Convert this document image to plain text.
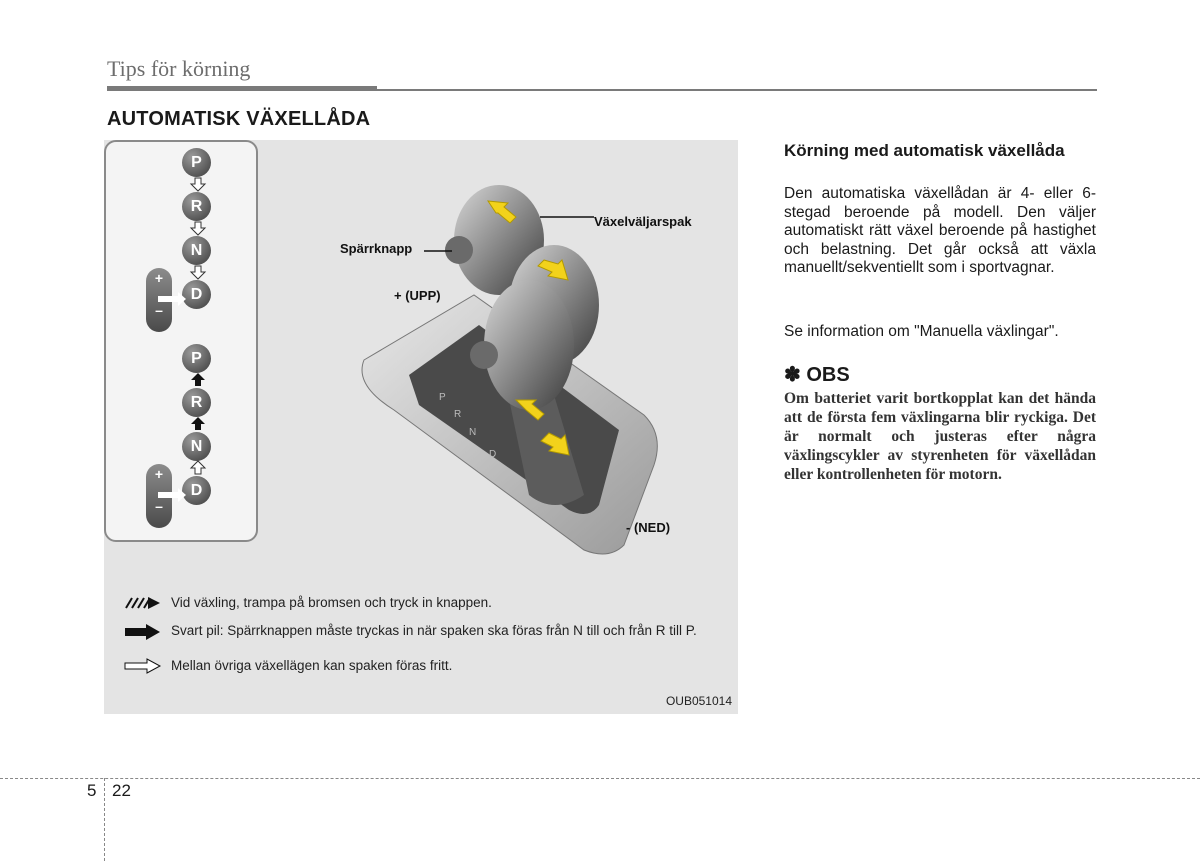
Tips för körning
AUTOMATISK VÄXELLÅDA
P
R
N
D
+
–
P
R
N
D
+
–
P
R
N
D
Spärrknapp
Växelväljarspak
+ (UPP)
- (NED)
Vid växling, trampa på bromsen och tryck in knappen.
Svart pil: Spärrknappen måste tryckas in när spaken ska föras från N till och från R till P.
Mellan övriga växellägen kan spaken föras fritt.
OUB051014
Körning med automatisk växellåda
Den automatiska växellådan är 4- eller 6-stegad beroende på modell. Den väljer automatiskt rätt växel beroende på hastighet och belastning. Det går också att växla manuellt/sekventiellt som i sportvagnar.
Se information om "Manuella växlingar".
✽ OBS
Om batteriet varit bortkopplat kan det hända att de första fem växlingarna blir ryckiga. Det är normalt och justeras efter några växlingscykler av styrenheten för växellådan eller kontrollenheten för motorn.
5 22
